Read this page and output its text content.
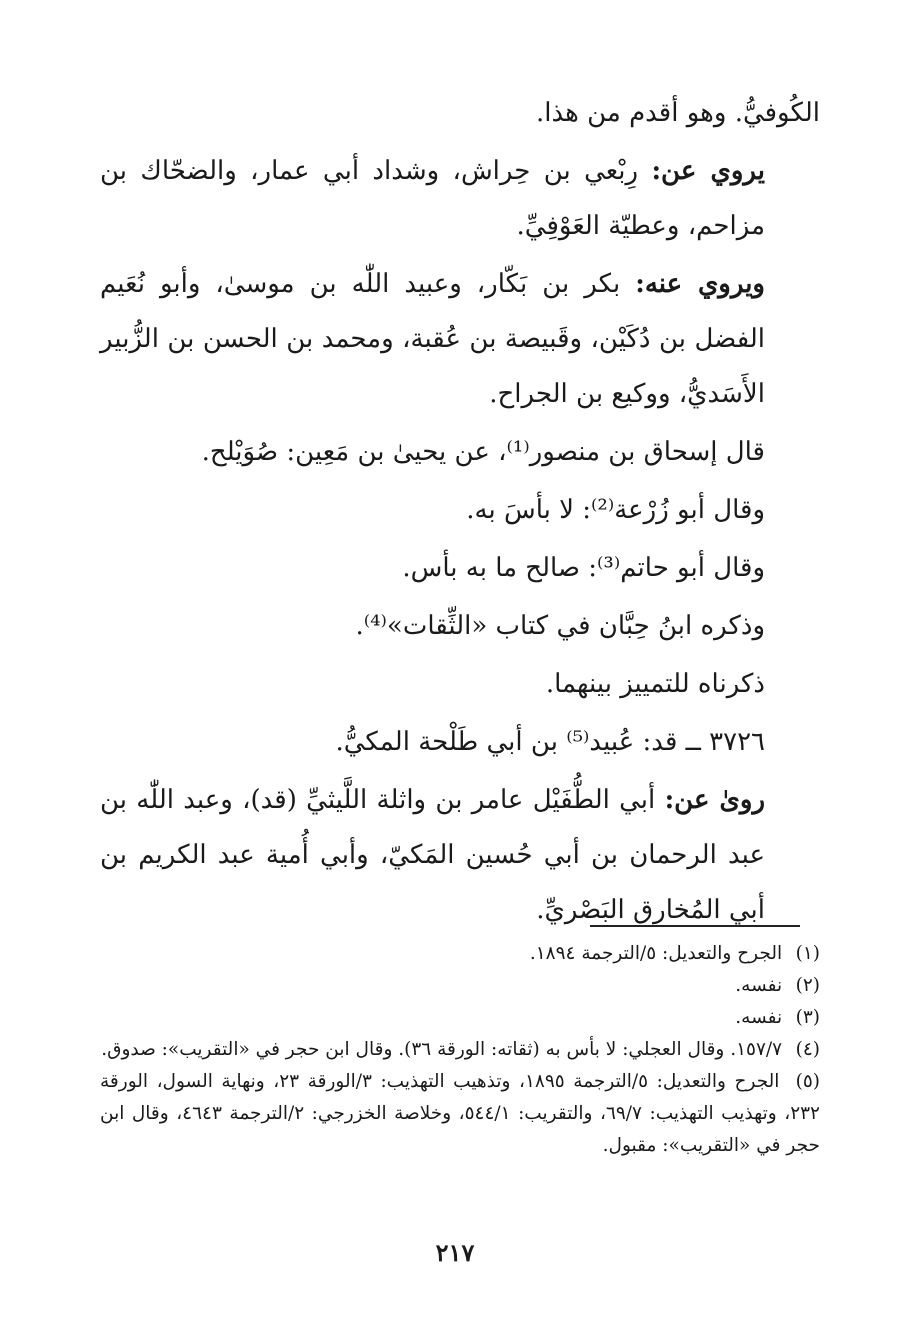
الكُوفيُّ. وهو أقدم من هذا.

يروي عن: رِبْعي بن حِراش، وشداد أبي عمار، والضحّاك بن مزاحم، وعطيّة العَوْفِيِّ.

ويروي عنه: بكر بن بَكّار، وعبيد اللّٰه بن موسىٰ، وأبو نُعَيم الفضل بن دُكَيْن، وقَبيصة بن عُقبة، ومحمد بن الحسن بن الزُّبير الأَسَديُّ، ووكيع بن الجراح.

قال إسحاق بن منصور⁽¹⁾، عن يحيىٰ بن مَعِين: صُوَيْلح.

وقال أبو زُرْعة⁽²⁾: لا بأسَ به.

وقال أبو حاتم⁽³⁾: صالح ما به بأس.

وذكره ابنُ حِبَّان في كتاب «الثِّقات»⁽⁴⁾.

ذكرناه للتمييز بينهما.

٣٧٢٦ ــ قد: عُبيد⁽⁵⁾ بن أبي طَلْحة المكيُّ.

روىٰ عن: أبي الطُّفَيْل عامر بن واثلة اللَّيثيِّ (قد)، وعبد اللّٰه بن عبد الرحمان بن أبي حُسين المَكيّ، وأبي أُمية عبد الكريم بن أبي المُخارق البَصْريِّ.

(١) الجرح والتعديل: ٥/الترجمة ١٨٩٤.

(٢) نفسه.

(٣) نفسه.

(٤) ١٥٧/٧. وقال العجلي: لا بأس به (ثقاته: الورقة ٣٦). وقال ابن حجر في «التقريب»: صدوق.

(٥) الجرح والتعديل: ٥/الترجمة ١٨٩٥، وتذهيب التهذيب: ٣/الورقة ٢٣، ونهاية السول، الورقة ٢٣٢، وتهذيب التهذيب: ٦٩/٧، والتقريب: ٥٤٤/١، وخلاصة الخزرجي: ٢/الترجمة ٤٦٤٣، وقال ابن حجر في «التقريب»: مقبول.

٢١٧
